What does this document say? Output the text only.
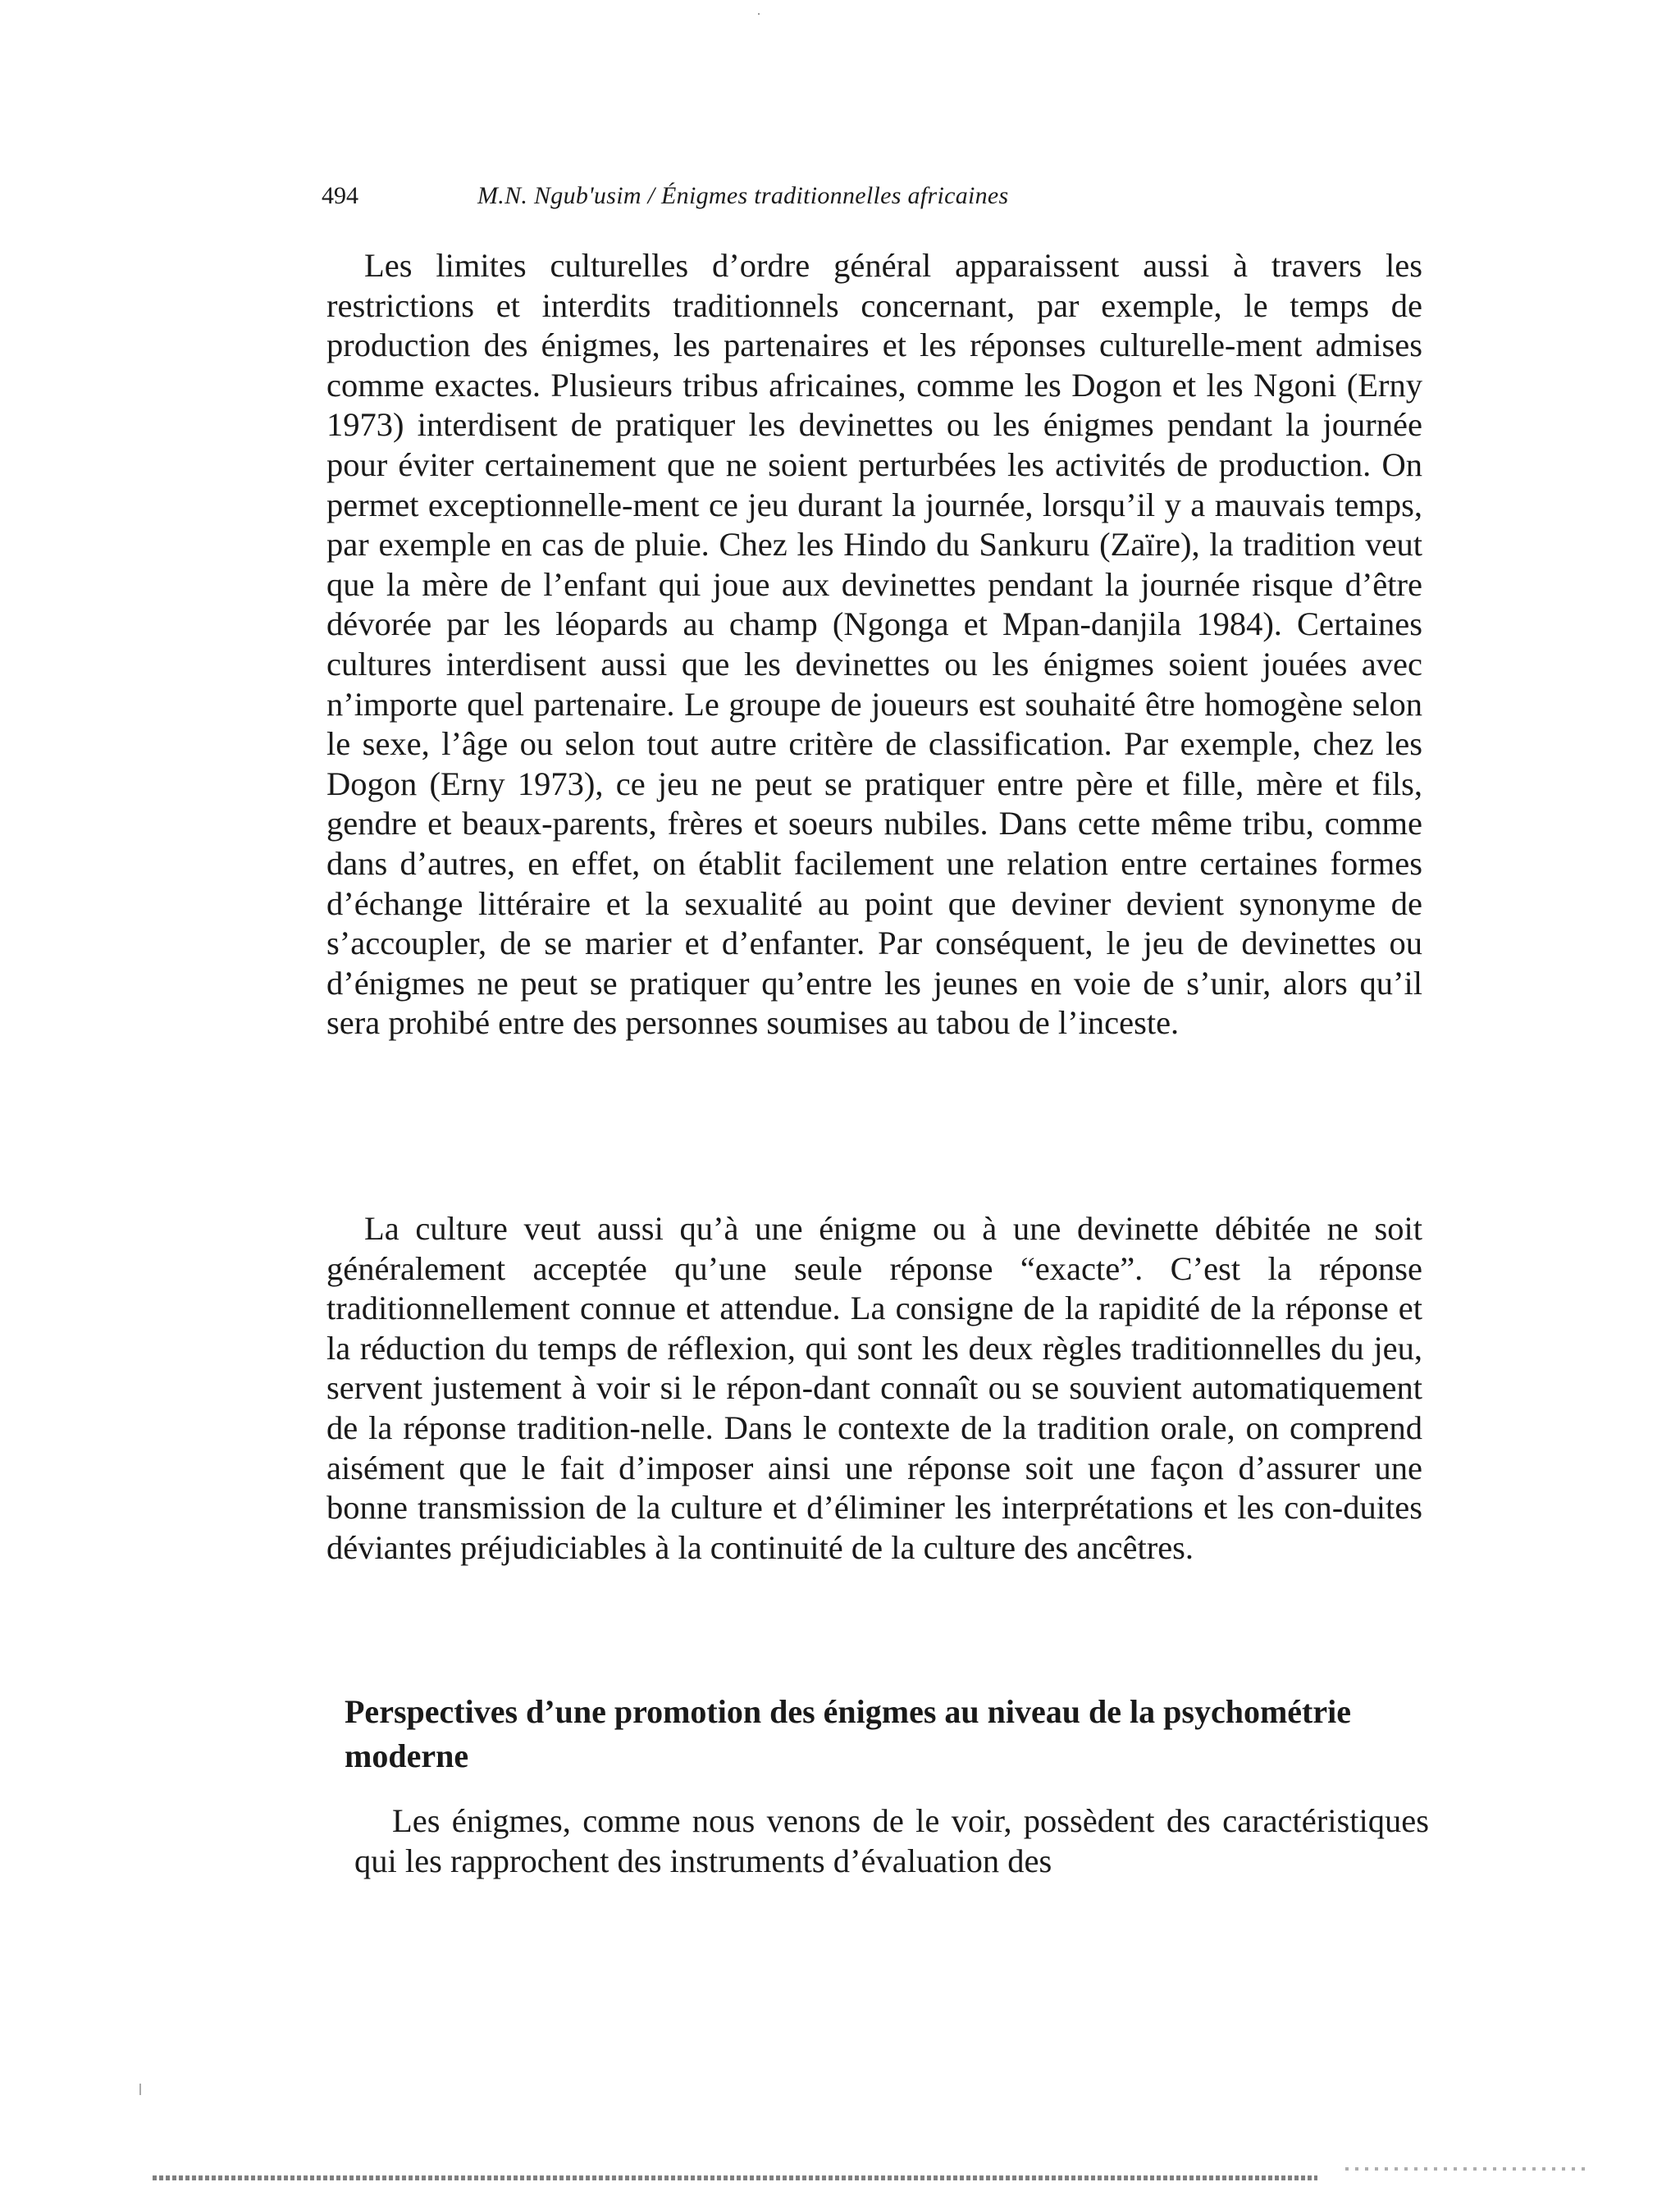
494	M.N. Ngub'usim / Énigmes traditionnelles africaines

Les limites culturelles d’ordre général apparaissent aussi à travers les restrictions et interdits traditionnels concernant, par exemple, le temps de production des énigmes, les partenaires et les réponses culturelle-ment admises comme exactes. Plusieurs tribus africaines, comme les Dogon et les Ngoni (Erny 1973) interdisent de pratiquer les devinettes ou les énigmes pendant la journée pour éviter certainement que ne soient perturbées les activités de production. On permet exceptionnelle-ment ce jeu durant la journée, lorsqu’il y a mauvais temps, par exemple en cas de pluie. Chez les Hindo du Sankuru (Zaïre), la tradition veut que la mère de l’enfant qui joue aux devinettes pendant la journée risque d’être dévorée par les léopards au champ (Ngonga et Mpan-danjila 1984). Certaines cultures interdisent aussi que les devinettes ou les énigmes soient jouées avec n’importe quel partenaire. Le groupe de joueurs est souhaité être homogène selon le sexe, l’âge ou selon tout autre critère de classification. Par exemple, chez les Dogon (Erny 1973), ce jeu ne peut se pratiquer entre père et fille, mère et fils, gendre et beaux-parents, frères et soeurs nubiles. Dans cette même tribu, comme dans d’autres, en effet, on établit facilement une relation entre certaines formes d’échange littéraire et la sexualité au point que deviner devient synonyme de s’accoupler, de se marier et d’enfanter. Par conséquent, le jeu de devinettes ou d’énigmes ne peut se pratiquer qu’entre les jeunes en voie de s’unir, alors qu’il sera prohibé entre des personnes soumises au tabou de l’inceste.

La culture veut aussi qu’à une énigme ou à une devinette débitée ne soit généralement acceptée qu’une seule réponse “exacte”. C’est la réponse traditionnellement connue et attendue. La consigne de la rapidité de la réponse et la réduction du temps de réflexion, qui sont les deux règles traditionnelles du jeu, servent justement à voir si le répon-dant connaît ou se souvient automatiquement de la réponse tradition-nelle. Dans le contexte de la tradition orale, on comprend aisément que le fait d’imposer ainsi une réponse soit une façon d’assurer une bonne transmission de la culture et d’éliminer les interprétations et les con-duites déviantes préjudiciables à la continuité de la culture des ancêtres.

Perspectives d’une promotion des énigmes au niveau de la psychométrie moderne

Les énigmes, comme nous venons de le voir, possèdent des caractéristiques qui les rapprochent des instruments d’évaluation des
